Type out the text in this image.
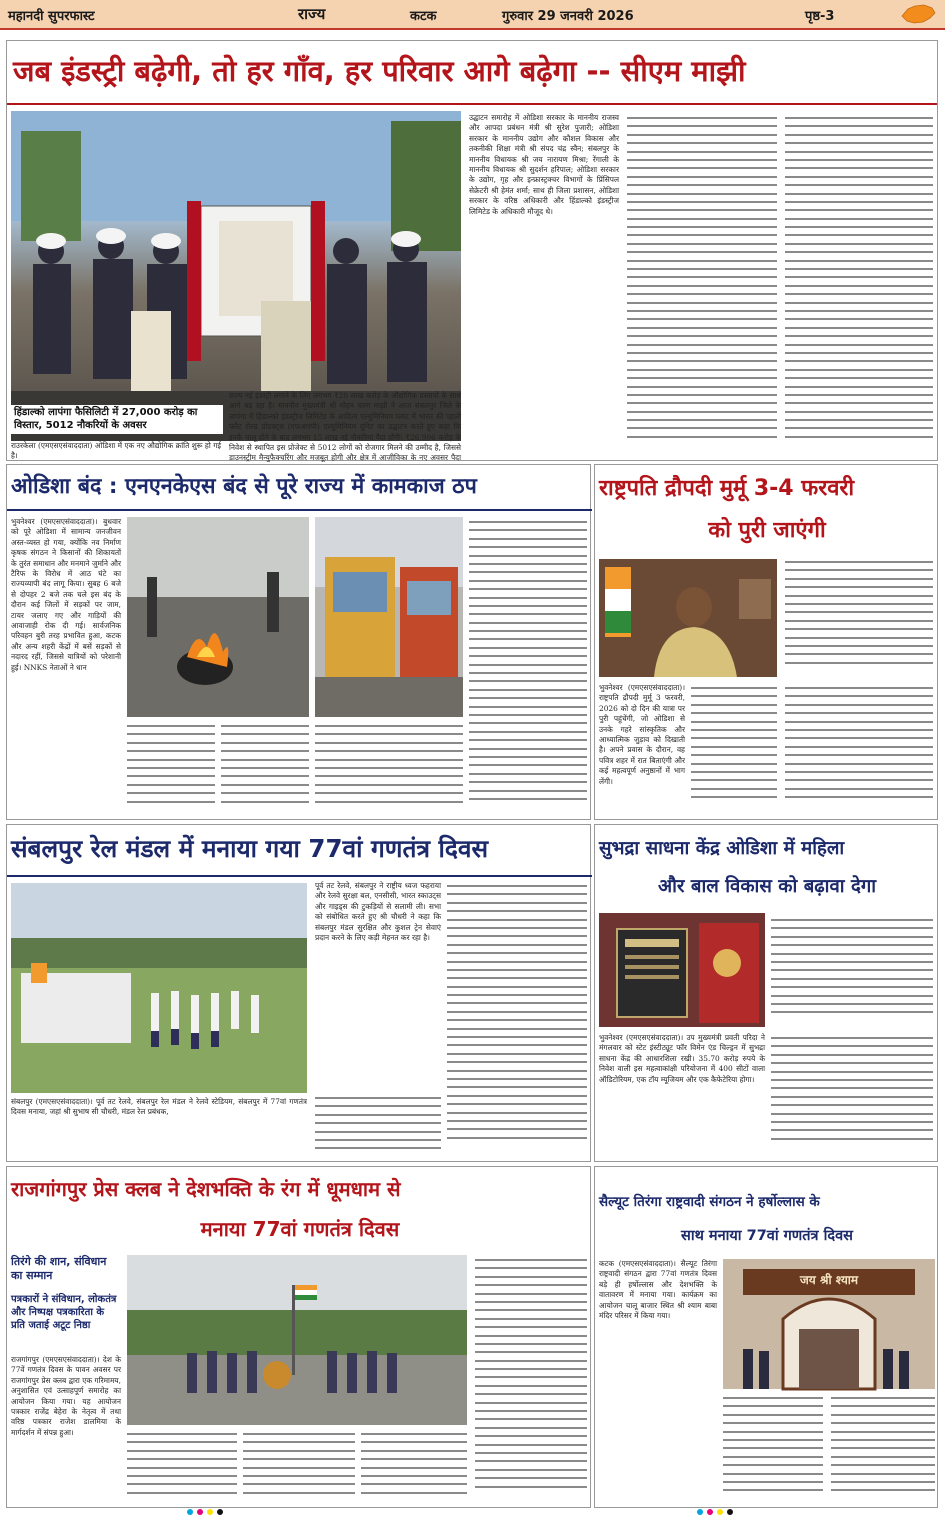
महानदी सुपरफास्ट	राज्य	कटक	गुरुवार 29 जनवरी 2026	पृष्ठ-3
जब इंडस्ट्री बढ़ेगी, तो हर गाँव, हर परिवार आगे बढ़ेगा -- सीएम माझी
हिंडाल्को लापंगा फैसिलिटी में 27,000 करोड़ का विस्तार, 5012 नौकरियों के अवसर
राउरकेला (एमएसएसंवाददाता) ओडिशा में एक नए औद्योगिक क्रांति शुरू हो गई है।
राज्य नई इंडस्ट्री लगाने के लिए लगभग ₹20 लाख करोड़ के औद्योगिक प्रस्तावों के साथ आगे बढ़ रहा है। माननीय मुख्यमंत्री श्री मोहन चरण माझी ने आज संबलपुर जिले के लापंगा में हिंडाल्को इंडस्ट्रीज लिमिटेड के आदित्य एल्युमिनियम प्लांट में भारत की पहली फ्लैट रोल्ड प्रोडक्ट्स (एफआरपी) एल्युमिनियम यूनिट का उद्घाटन करते हुए कहा कि इनके चालू होने के बाद लगभग 15 लाख नई नौकरियां पैदा होंगी। ₹26,996 करोड़ के निवेश से स्थापित इस प्रोजेक्ट से 5012 लोगों को रोजगार मिलने की उम्मीद है, जिससे डाउनस्ट्रीम मैन्युफैक्चरिंग और मजबूत होगी और क्षेत्र में आजीविका के नए अवसर पैदा
उद्घाटन समारोह में ओडिशा सरकार के माननीय राजस्व और आपदा प्रबंधन मंत्री श्री सुरेश पुजारी; ओडिशा सरकार के माननीय उद्योग और कौशल विकास और तकनीकी शिक्षा मंत्री श्री संपद चंद्र स्वैन; संबलपुर के माननीय विधायक श्री जय नारायण मिश्रा; रेंगाली के माननीय विधायक श्री सुदर्शन हरिपाल; ओडिशा सरकार के उद्योग, गृह और इन्फ्रास्ट्रक्चर विभागों के प्रिंसिपल सेक्रेटरी श्री हेमंत शर्मा; साथ ही जिला प्रशासन, ओडिशा सरकार के वरिष्ठ अधिकारी और हिंडाल्को इंडस्ट्रीज लिमिटेड के अधिकारी मौजूद थे।
ओडिशा बंद : एनएनकेएस बंद से पूरे राज्य में कामकाज ठप
भुवनेश्वर (एमएसएसंवाददाता)। बुधवार को पूरे ओडिशा में सामान्य जनजीवन अस्त-व्यस्त हो गया, क्योंकि नव निर्माण कृषक संगठन ने किसानों की शिकायतों के तुरंत समाधान और मनमाने जुर्माने और टैरिफ के विरोध में आठ घंटे का राज्यव्यापी बंद लागू किया। सुबह 6 बजे से दोपहर 2 बजे तक चले इस बंद के दौरान कई जिलों में सड़कों पर जाम, टायर जलाए गए और गाड़ियों की आवाजाही रोक दी गई। सार्वजनिक परिवहन बुरी तरह प्रभावित हुआ, कटक और अन्य शहरी केंद्रों में बसें सड़कों से नदारद रहीं, जिससे यात्रियों को परेशानी हुई। NNKS नेताओं ने धान
राष्ट्रपति द्रौपदी मुर्मू 3-4 फरवरी
को पुरी जाएंगी
भुवनेश्वर (एमएसएसंवाददाता)। राष्ट्रपति द्रौपदी मुर्मू 3 फरवरी, 2026 को दो दिन की यात्रा पर पुरी पहुंचेंगी, जो ओडिशा से उनके गहरे सांस्कृतिक और आध्यात्मिक जुड़ाव को दिखाती है। अपने प्रवास के दौरान, वह पवित्र शहर में रात बिताएंगी और कई महत्वपूर्ण अनुष्ठानों में भाग लेंगी।
संबलपुर रेल मंडल में मनाया गया 77वां गणतंत्र दिवस
संबलपुर (एमएसएसंवाददाता)। पूर्व तट रेलवे, संबलपुर रेल मंडल ने रेलवे स्टेडियम, संबलपुर में 77वां गणतंत्र दिवस मनाया, जहां श्री सुभाष सी चौधरी, मंडल रेल प्रबंधक,
पूर्व तट रेलवे, संबलपुर ने राष्ट्रीय ध्वज फहराया और रेलवे सुरक्षा बल, एनसीसी, भारत स्काउट्स और गाइड्स की टुकड़ियों से सलामी ली। सभा को संबोधित करते हुए श्री चौधरी ने कहा कि संबलपुर मंडल सुरक्षित और कुशल ट्रेन सेवाएं प्रदान करने के लिए कड़ी मेहनत कर रहा है।
सुभद्रा साधना केंद्र ओडिशा में महिला
और बाल विकास को बढ़ावा देगा
भुवनेश्वर (एमएसएसंवाददाता)। उप मुख्यमंत्री प्रवती परिदा ने मंगलवार को स्टेट इंस्टीट्यूट फॉर विमेन एंड चिल्ड्रन में सुभद्रा साधना केंद्र की आधारशिला रखी। 35.70 करोड़ रुपये के निवेश वाली इस महत्वाकांक्षी परियोजना में 400 सीटों वाला ऑडिटोरियम, एक टॉय म्यूजियम और एक कैफेटेरिया होगा।
राजगांगपुर प्रेस क्लब ने देशभक्ति के रंग में धूमधाम से
मनाया 77वां गणतंत्र दिवस
तिरंगे की शान, संविधान का सम्मान
पत्रकारों ने संविधान, लोकतंत्र और निष्पक्ष पत्रकारिता के प्रति जताई अटूट निष्ठा
राजगांगपुर (एमएसएसंवाददाता)। देश के 77वें गणतंत्र दिवस के पावन अवसर पर राजगांगपुर प्रेस क्लब द्वारा एक गरिमामय, अनुशासित एवं उत्साहपूर्ण समारोह का आयोजन किया गया। यह आयोजन पत्रकार राजेंद्र बेहेरा के नेतृत्व में तथा वरिष्ठ पत्रकार राजेश डालमिया के मार्गदर्शन में संपन्न हुआ।
सैल्यूट तिरंगा राष्ट्रवादी संगठन ने हर्षोल्लास के
साथ मनाया 77वां गणतंत्र दिवस
कटक (एमएसएसंवाददाता)। सैल्यूट तिरंगा राष्ट्रवादी संगठन द्वारा 77वां गणतंत्र दिवस बड़े ही हर्षोल्लास और देशभक्ति के वातावरण में मनाया गया। कार्यक्रम का आयोजन चालू बाजार स्थित श्री श्याम बाबा मंदिर परिसर में किया गया।
जय श्री श्याम
